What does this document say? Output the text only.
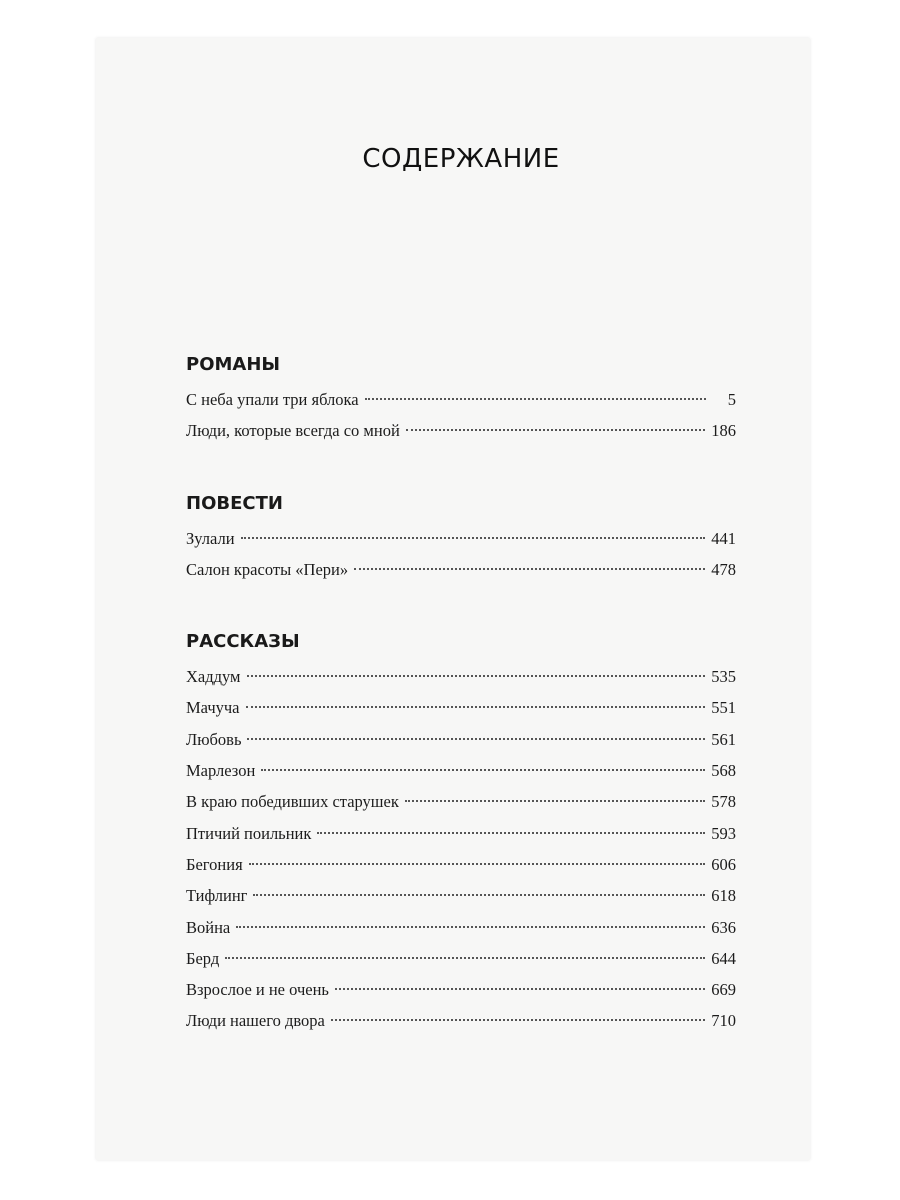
СОДЕРЖАНИЕ
РОМАНЫ
С неба упали три яблока	5
Люди, которые всегда со мной	186
ПОВЕСТИ
Зулали	441
Салон красоты «Пери»	478
РАССКАЗЫ
Хаддум	535
Мачуча	551
Любовь	561
Марлезон	568
В краю победивших старушек	578
Птичий поильник	593
Бегония	606
Тифлинг	618
Война	636
Берд	644
Взрослое и не очень	669
Люди нашего двора	710
